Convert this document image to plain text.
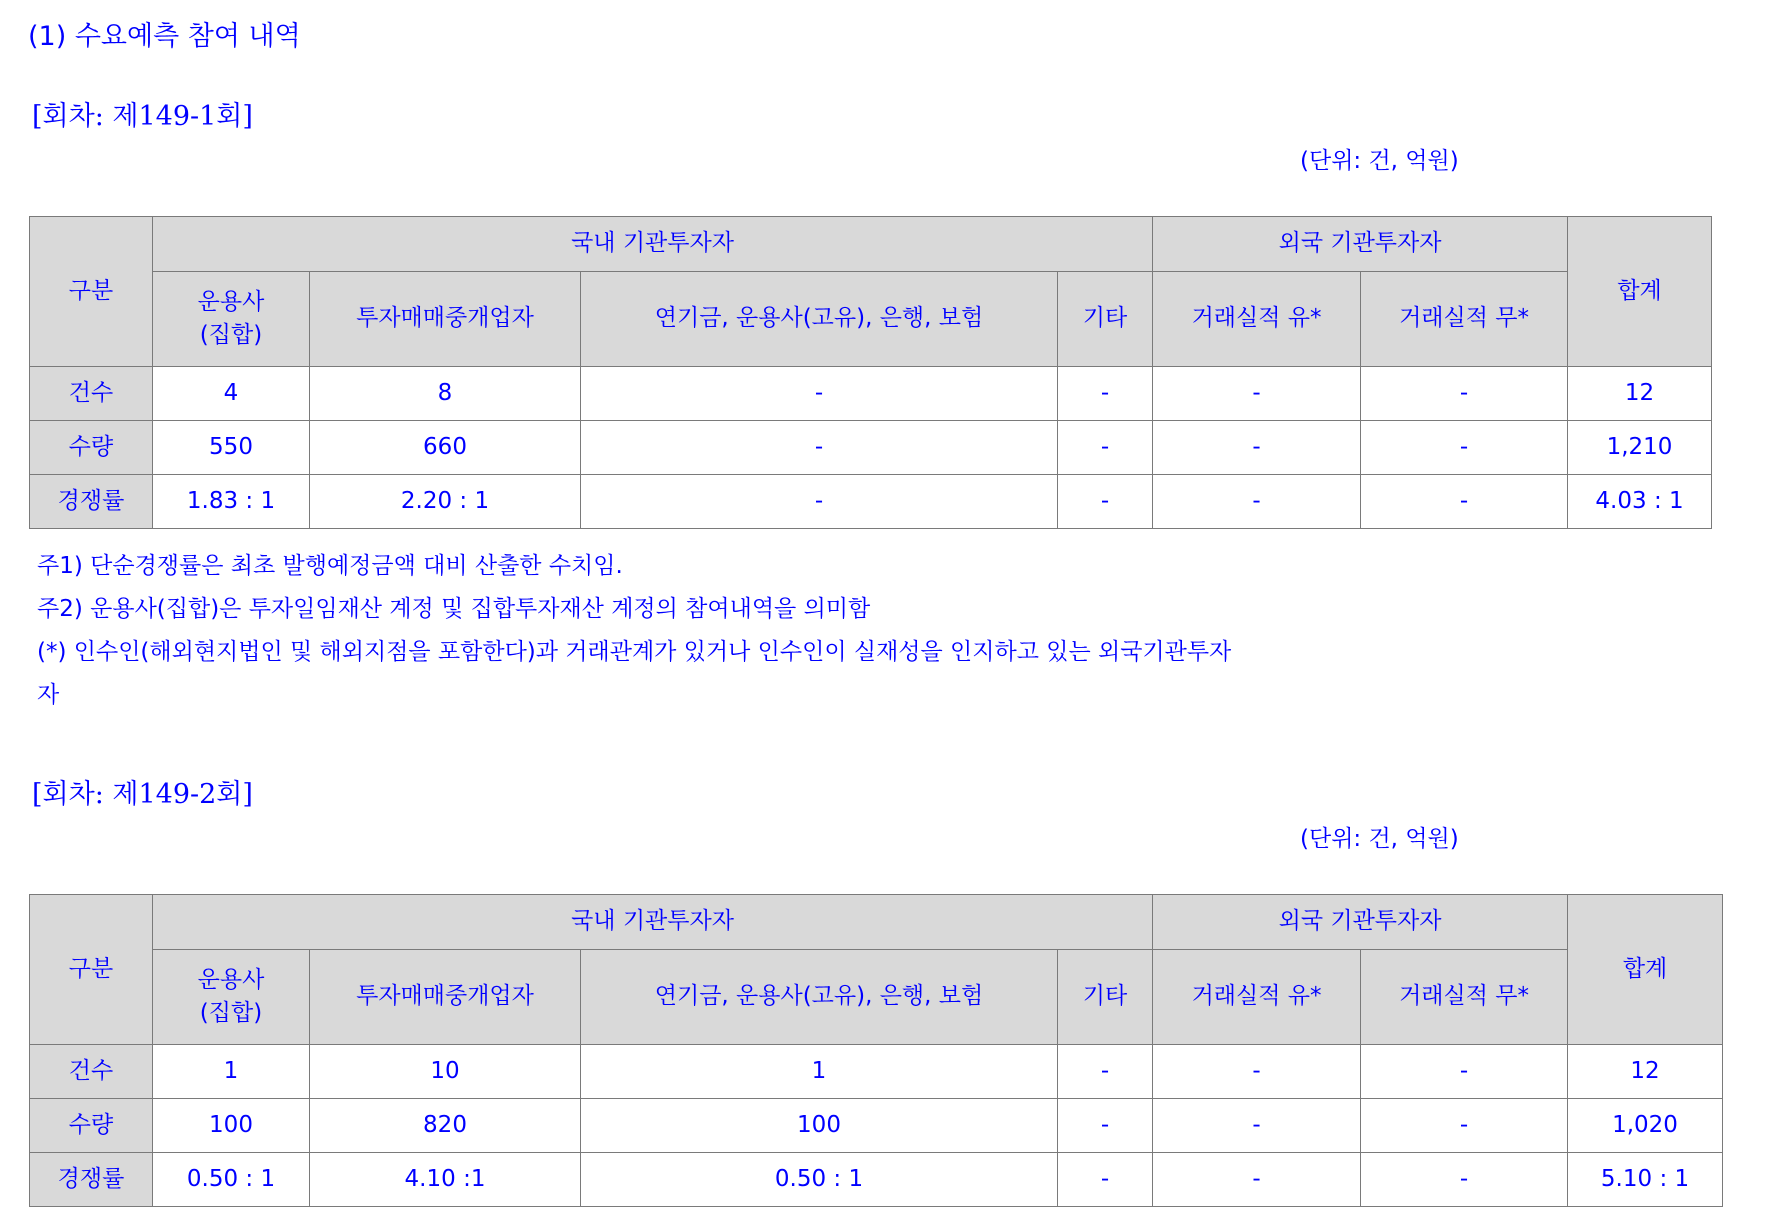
(1) 수요예측 참여 내역
[회차: 제149-1회]
(단위: 건, 억원)
구분	국내 기관투자자				외국 기관투자자		합계

	운용사
(집합)	투자매매중개업자	연기금, 운용사(고유), 은행, 보험	기타	거래실적 유*	거래실적 무*	
건수	4	8	-	-	-	-	12
수량	550	660	-	-	-	-	1,210
경쟁률	1.83 : 1	2.20 : 1	-	-	-	-	4.03 : 1
주1) 단순경쟁률은 최초 발행예정금액 대비 산출한 수치임.
주2) 운용사(집합)은 투자일임재산 계정 및 집합투자재산 계정의 참여내역을 의미함
(*) 인수인(해외현지법인 및 해외지점을 포함한다)과 거래관계가 있거나 인수인이 실재성을 인지하고 있는 외국기관투자
자
[회차: 제149-2회]
(단위: 건, 억원)
구분	국내 기관투자자				외국 기관투자자		합계

	운용사
(집합)	투자매매중개업자	연기금, 운용사(고유), 은행, 보험	기타	거래실적 유*	거래실적 무*	
건수	1	10	1	-	-	-	12
수량	100	820	100	-	-	-	1,020
경쟁률	0.50 : 1	4.10 :1	0.50 : 1	-	-	-	5.10 : 1
